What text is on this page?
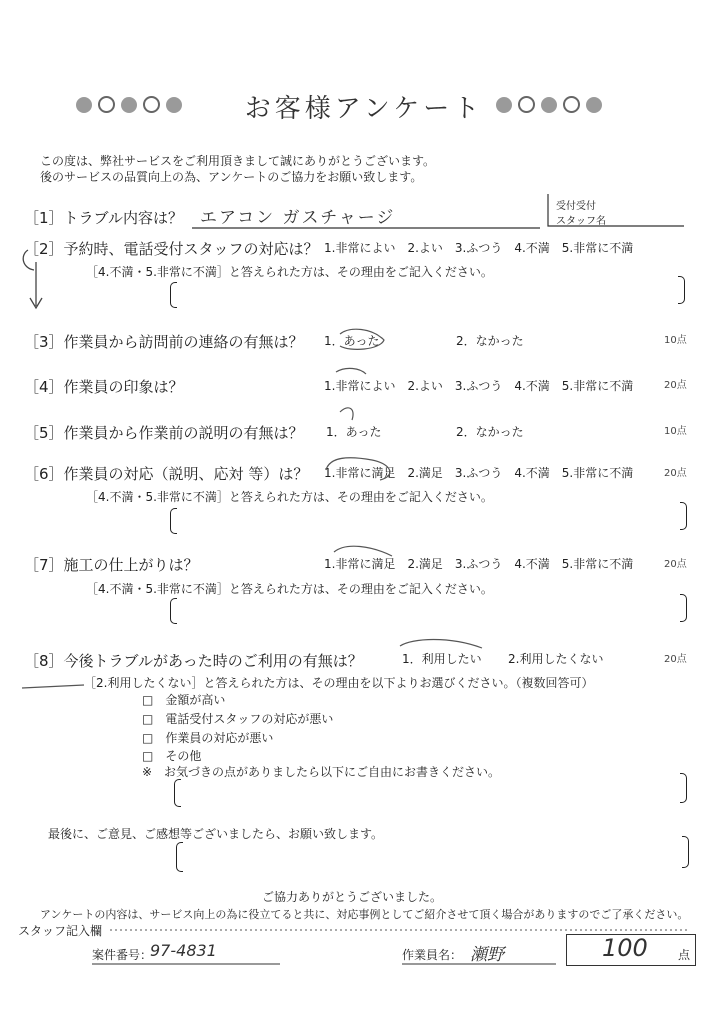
お客様アンケート
この度は、弊社サービスをご利用頂きまして誠にありがとうございます。
後のサービスの品質向上の為、アンケートのご協力をお願い致します。
受付受付
スタッフ名
［1］トラブル内容は？ エアコン ガスチャージ
［2］予約時、電話受付スタッフの対応は？ 1.非常によい　2.よい　3.ふつう　4.不満　5.非常に不満
［4.不満・5.非常に不満］と答えられた方は、その理由をご記入ください。
［3］作業員から訪問前の連絡の有無は？ 1．あった	2．なかった	10点
［4］作業員の印象は？	1.非常によい　2.よい　3.ふつう　4.不満　5.非常に不満	20点
［5］作業員から作業前の説明の有無は？ 1．あった	2．なかった	10点
［6］作業員の対応（説明、応対 等）は？ 1.非常に満足　2.満足　3.ふつう　4.不満　5.非常に不満	20点
［4.不満・5.非常に不満］と答えられた方は、その理由をご記入ください。
［7］施工の仕上がりは？	1.非常に満足　2.満足　3.ふつう　4.不満　5.非常に不満	20点
［4.不満・5.非常に不満］と答えられた方は、その理由をご記入ください。
［8］今後トラブルがあった時のご利用の有無は？	1．利用したい 2.利用したくない	20点
［2.利用したくない］と答えられた方は、その理由を以下よりお選びください。（複数回答可）
□　金額が高い
□　電話受付スタッフの対応が悪い
□　作業員の対応が悪い
□　その他
※　お気づきの点がありましたら以下にご自由にお書きください。
最後に、ご意見、ご感想等ございましたら、お願い致します。
ご協力ありがとうございました。
アンケートの内容は、サービス向上の為に役立てると共に、対応事例としてご紹介させて頂く場合がありますのでご了承ください。
スタッフ記入欄
案件番号：
97-4831	作業員名： 瀬野	100	点
